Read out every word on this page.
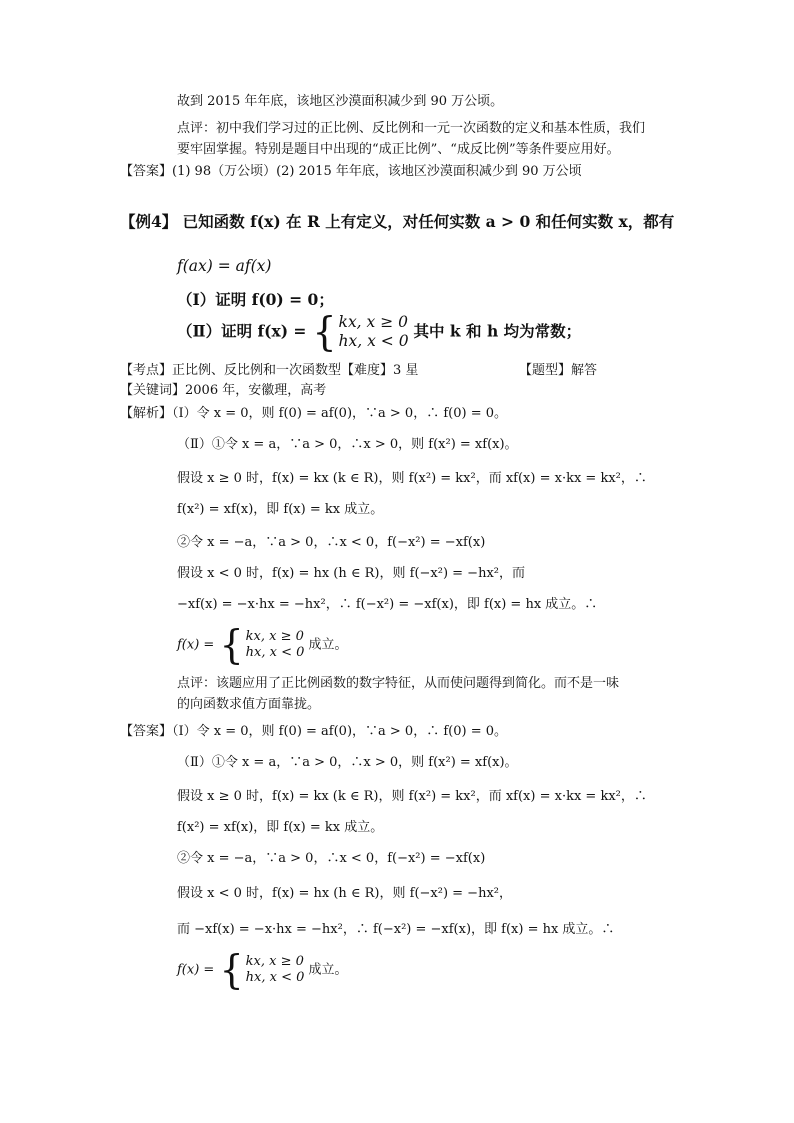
故到 2015 年年底，该地区沙漠面积减少到 90 万公顷。
点评：初中我们学习过的正比例、反比例和一元一次函数的定义和基本性质，我们
要牢固掌握。特别是题目中出现的“成正比例”、“成反比例”等条件要应用好。
【答案】(1) 98（万公顷）(2) 2015 年年底，该地区沙漠面积减少到 90 万公顷
【例4】 已知函数 f(x) 在 R 上有定义，对任何实数 a > 0 和任何实数 x，都有
f(ax) = af(x)
（Ⅰ）证明 f(0) = 0；
（Ⅱ）证明 f(x) = { kx, x ≥ 0
hx, x < 0
其中 k 和 h 均为常数；
【考点】正比例、反比例和一次函数型【难度】3 星	【题型】解答
【关键词】2006 年，安徽理，高考
【解析】（Ⅰ）令 x = 0，则 f(0) = af(0)，∵a > 0，∴ f(0) = 0。
（Ⅱ）①令 x = a，∵a > 0，∴x > 0，则 f(x²) = xf(x)。
假设 x ≥ 0 时，f(x) = kx (k ∈ R)，则 f(x²) = kx²，而 xf(x) = x·kx = kx²，∴
f(x²) = xf(x)，即 f(x) = kx 成立。
②令 x = −a，∵a > 0，∴x < 0，f(−x²) = −xf(x)
假设 x < 0 时，f(x) = hx (h ∈ R)，则 f(−x²) = −hx²，而
−xf(x) = −x·hx = −hx²，∴ f(−x²) = −xf(x)，即 f(x) = hx 成立。∴
f(x) = { kx, x ≥ 0
hx, x < 0 成立。
点评：该题应用了正比例函数的数字特征，从而使问题得到简化。而不是一味
的向函数求值方面靠拢。
【答案】（Ⅰ）令 x = 0，则 f(0) = af(0)，∵a > 0，∴ f(0) = 0。
（Ⅱ）①令 x = a，∵a > 0，∴x > 0，则 f(x²) = xf(x)。
假设 x ≥ 0 时，f(x) = kx (k ∈ R)，则 f(x²) = kx²，而 xf(x) = x·kx = kx²，∴
f(x²) = xf(x)，即 f(x) = kx 成立。
②令 x = −a，∵a > 0，∴x < 0，f(−x²) = −xf(x)
假设 x < 0 时，f(x) = hx (h ∈ R)，则 f(−x²) = −hx²，
而 −xf(x) = −x·hx = −hx²，∴ f(−x²) = −xf(x)，即 f(x) = hx 成立。∴
f(x) = { kx, x ≥ 0
hx, x < 0 成立。
